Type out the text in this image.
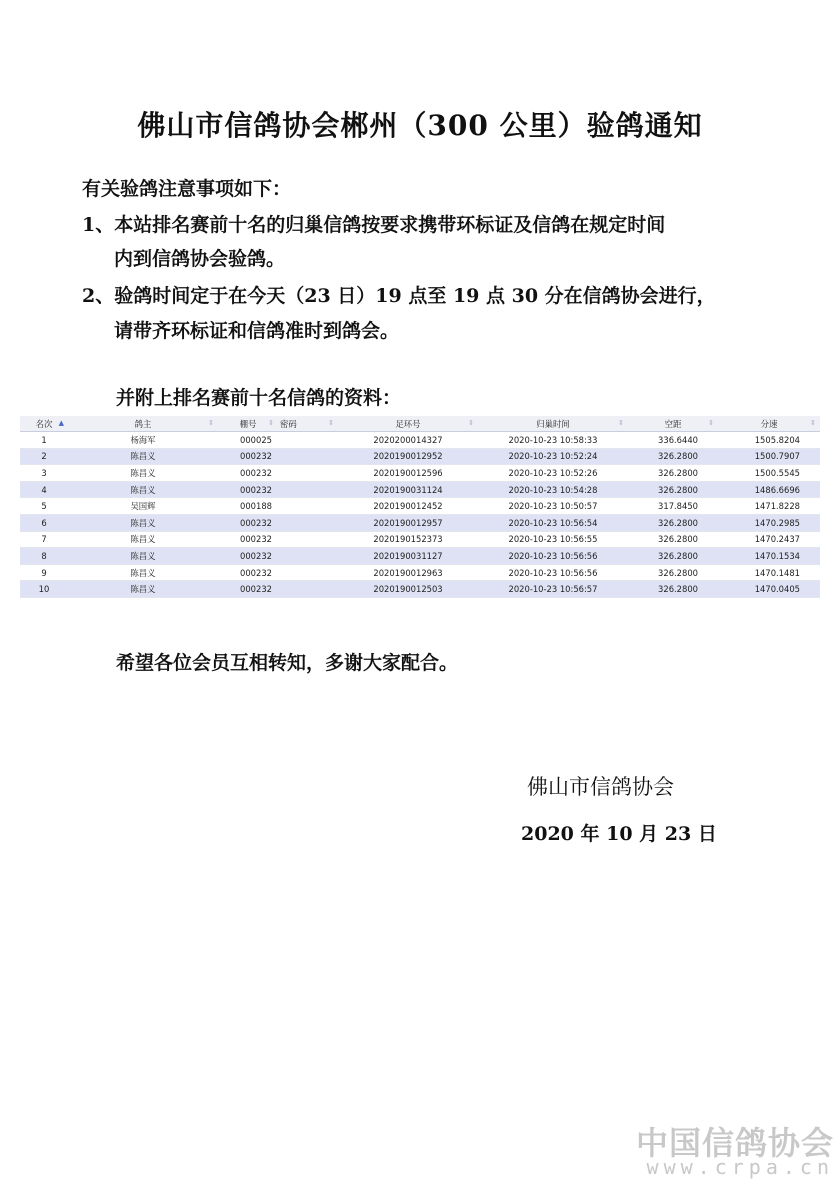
佛山市信鸽协会郴州（300 公里）验鸽通知
有关验鸽注意事项如下：
1、本站排名赛前十名的归巢信鸽按要求携带环标证及信鸽在规定时间
内到信鸽协会验鸽。
2、验鸽时间定于在今天（23 日）19 点至 19 点 30 分在信鸽协会进行，
请带齐环标证和信鸽准时到鸽会。
并附上排名赛前十名信鸽的资料：
名次 ▲	鸽主 ⇕	棚号 ⇕	密码 ⇕	足环号 ⇕	归巢时间 ⇕	空距 ⇕	分速 ⇕

1	杨海军	000025		2020200014327	2020-10-23 10:58:33	336.6440	1505.8204
2	陈昌义	000232		2020190012952	2020-10-23 10:52:24	326.2800	1500.7907
3	陈昌义	000232		2020190012596	2020-10-23 10:52:26	326.2800	1500.5545
4	陈昌义	000232		2020190031124	2020-10-23 10:54:28	326.2800	1486.6696
5	吴国辉	000188		2020190012452	2020-10-23 10:50:57	317.8450	1471.8228
6	陈昌义	000232		2020190012957	2020-10-23 10:56:54	326.2800	1470.2985
7	陈昌义	000232		2020190152373	2020-10-23 10:56:55	326.2800	1470.2437
8	陈昌义	000232		2020190031127	2020-10-23 10:56:56	326.2800	1470.1534
9	陈昌义	000232		2020190012963	2020-10-23 10:56:56	326.2800	1470.1481
10	陈昌义	000232		2020190012503	2020-10-23 10:56:57	326.2800	1470.0405
希望各位会员互相转知，多谢大家配合。
佛山市信鸽协会
2020 年 10 月 23 日
中国信鸽协会
www.crpa.cn
